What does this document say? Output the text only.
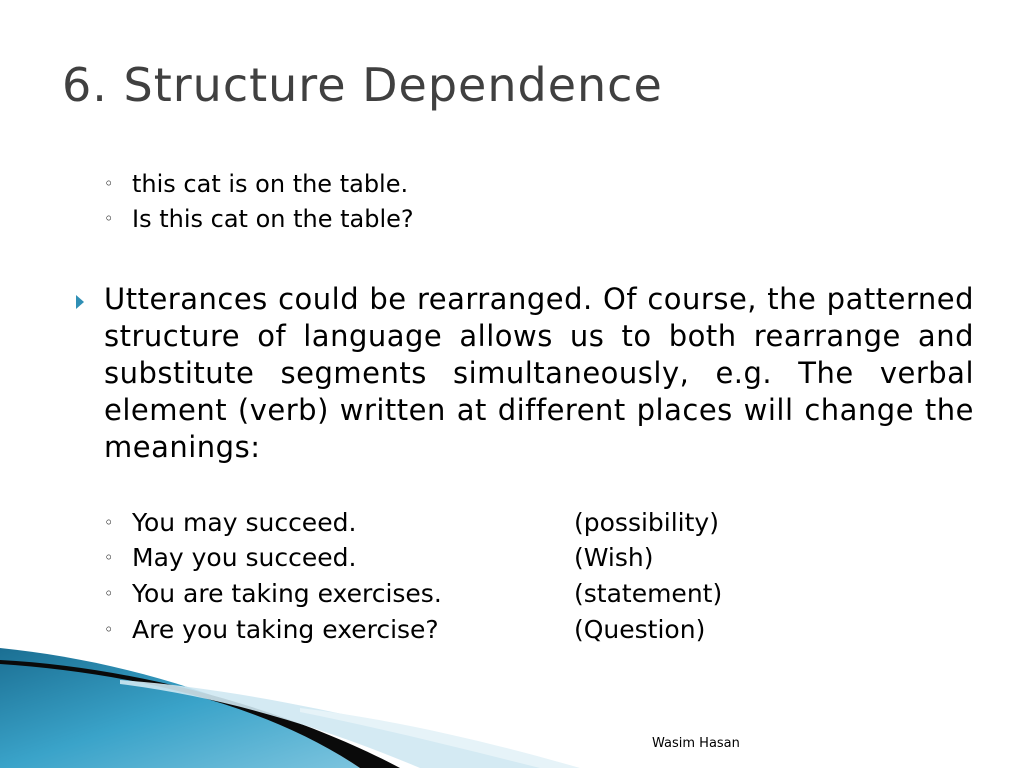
6. Structure Dependence
◦ this cat is on the table.
◦ Is this cat on the table?
Utterances could be rearranged. Of course, the patterned structure of language allows us to both rearrange and substitute segments simultaneously, e.g. The verbal element (verb) written at different places will change the meanings:
◦ You may succeed.	(possibility)
◦ May you succeed.	(Wish)
◦ You are taking exercises.	(statement)
◦ Are you taking exercise?	(Question)
Wasim Hasan
